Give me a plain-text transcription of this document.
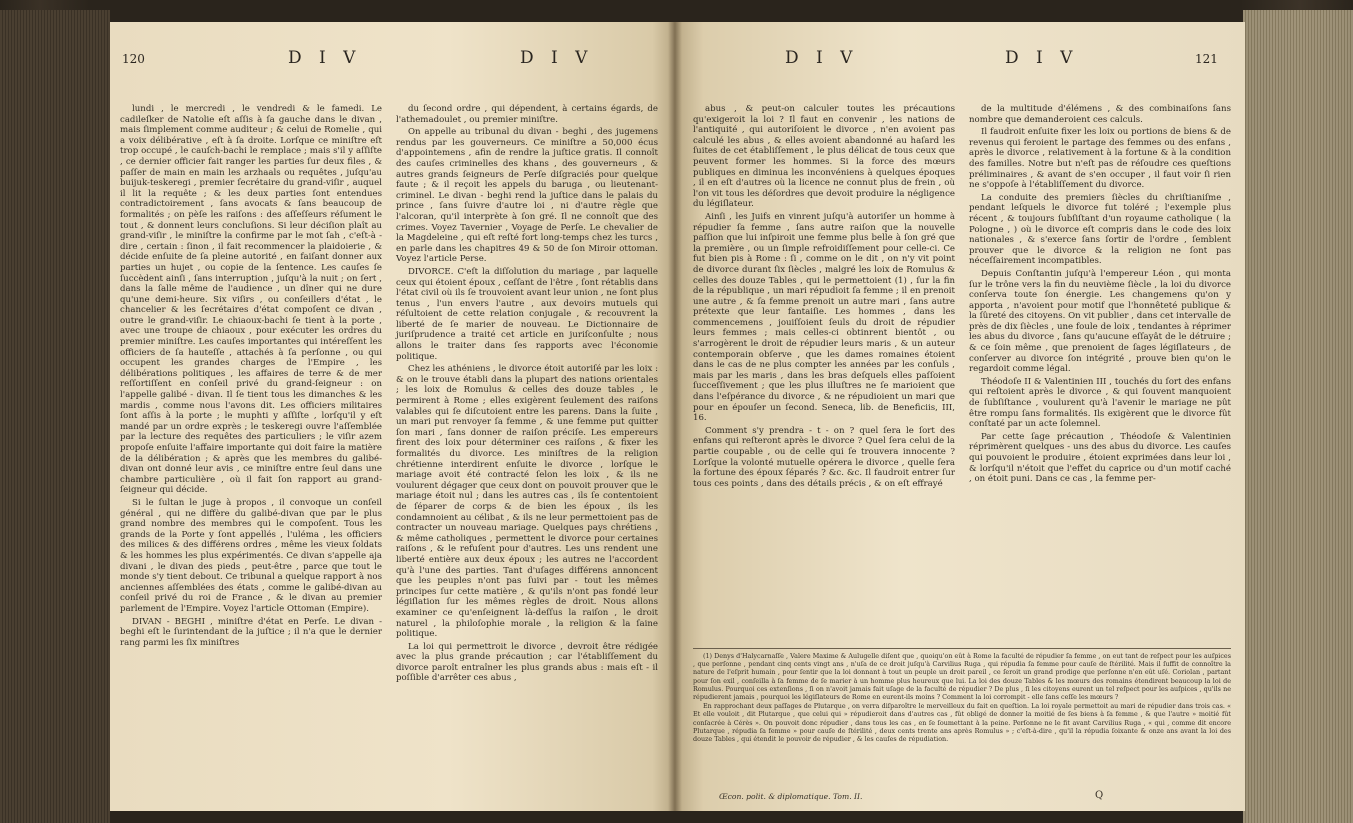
120	D I V	D I V

lundi , le mercredi , le vendredi & le famedi. Le cadileſker de Natolie eſt aſſis à ſa gauche dans le divan , mais ſimplement comme auditeur ; & celui de Romelie , qui a voix délibérative , eſt à ſa droite. Lorſque ce miniſtre eſt trop occupé , le cauſch-bachi le remplace ; mais s'il y aſſiſte , ce dernier officier fait ranger les parties ſur deux files , & paſſer de main en main les arzhaals ou requêtes , juſqu'au buijuk-teskeregi , premier ſecrétaire du grand-viſir , auquel il lit la requête ; & les deux parties ſont entendues contradictoirement , ſans avocats & ſans beaucoup de formalités ; on pèſe les raiſons : des aſſeſſeurs réſument le tout , & donnent leurs concluſions. Si leur déciſion plaît au grand-viſir , le miniſtre la confirme par le mot ſah , c'eſt-à - dire , certain : ſinon , il fait recommencer la plaidoierie , & décide enſuite de ſa pleine autorité , en faiſant donner aux parties un hujet , ou copie de la ſentence. Les cauſes ſe ſuccèdent ainſi , ſans interruption , juſqu'à la nuit ; on ſert , dans la ſalle même de l'audience , un dîner qui ne dure qu'une demi-heure. Six viſirs , ou conſeillers d'état , le chancelier & les ſecrétaires d'état compoſent ce divan , outre le grand-viſir. Le chiaoux-bachi ſe tient à la porte , avec une troupe de chiaoux , pour exécuter les ordres du premier miniſtre. Les cauſes importantes qui intéreſſent les officiers de ſa hauteſſe , attachés à ſa perſonne , ou qui occupent les grandes charges de l'Empire , les délibérations politiques , les affaires de terre & de mer reſſortiſſent en conſeil privé du grand-ſeigneur : on l'appelle galibé - divan. Il ſe tient tous les dimanches & les mardis , comme nous l'avons dit. Les officiers militaires ſont aſſis à la porte ; le muphti y aſſiſte , lorſqu'il y eſt mandé par un ordre exprès ; le teskeregi ouvre l'aſſemblée par la lecture des requêtes des particuliers ; le viſir azem propoſe enſuite l'affaire importante qui doit faire la matière de la délibération ; & après que les membres du galibé-divan ont donné leur avis , ce miniſtre entre ſeul dans une chambre particulière , où il fait ſon rapport au grand-ſeigneur qui décide.

Si le ſultan le juge à propos , il convoque un conſeil général , qui ne diffère du galibé-divan que par le plus grand nombre des membres qui le compoſent. Tous les grands de la Porte y ſont appellés , l'uléma , les officiers des milices & des différens ordres , même les vieux ſoldats & les hommes les plus expérimentés. Ce divan s'appelle aja divani , le divan des pieds , peut-être , parce que tout le monde s'y tient debout. Ce tribunal a quelque rapport à nos anciennes aſſemblées des états , comme le galibé-divan au conſeil privé du roi de France , & le divan au premier parlement de l'Empire. Voyez l'article Ottoman (Empire).

DIVAN - BEGHI , miniſtre d'état en Perſe. Le divan - beghi eſt le ſurintendant de la juſtice ; il n'a que le dernier rang parmi les ſix miniſtres

du ſecond ordre , qui dépendent, à certains égards, de l'athemadoulet , ou premier miniſtre.

On appelle au tribunal du divan - beghi , des jugemens rendus par les gouverneurs. Ce miniſtre a 50,000 écus d'appointemens , afin de rendre la juſtice gratis. Il connoît des cauſes criminelles des khans , des gouverneurs , & autres grands ſeigneurs de Perſe diſgraciés pour quelque faute ; & il reçoit les appels du baruga , ou lieutenant-criminel. Le divan - beghi rend la juſtice dans le palais du prince , ſans ſuivre d'autre loi , ni d'autre règle que l'alcoran, qu'il interprète à ſon gré. Il ne connoît que des crimes. Voyez Tavernier , Voyage de Perſe. Le chevalier de la Magdeleine , qui eſt reſté fort long-temps chez les turcs , en parle dans les chapitres 49 & 50 de ſon Miroir ottoman. Voyez l'article Perse.

DIVORCE. C'eſt la diſſolution du mariage , par laquelle ceux qui étoient époux , ceſſant de l'être , ſont rétablis dans l'état civil où ils ſe trouvoient avant leur union , ne ſont plus tenus , l'un envers l'autre , aux devoirs mutuels qui réſultoient de cette relation conjugale , & recouvrent la liberté de ſe marier de nouveau. Le Dictionnaire de juriſprudence a traité cet article en juriſconſulte ; nous allons le traiter dans ſes rapports avec l'économie politique.

Chez les athéniens , le divorce étoit autoriſé par les loix : & on le trouve établi dans la plupart des nations orientales ; les loix de Romulus & celles des douze tables , le permirent à Rome ; elles exigèrent ſeulement des raiſons valables qui ſe diſcutoient entre les parens. Dans la ſuite , un mari put renvoyer ſa femme , & une femme put quitter ſon mari , ſans donner de raiſon préciſe. Les empereurs firent des loix pour déterminer ces raiſons , & fixer les formalités du divorce. Les miniſtres de la religion chrétienne interdirent enſuite le divorce , lorſque le mariage avoit été contracté ſelon les loix , & ils ne voulurent dégager que ceux dont on pouvoit prouver que le mariage étoit nul ; dans les autres cas , ils ſe contentoient de ſéparer de corps & de bien les époux , ils les condamnoient au célibat , & ils ne leur permettoient pas de contracter un nouveau mariage. Quelques pays chrétiens , & même catholiques , permettent le divorce pour certaines raiſons , & le refuſent pour d'autres. Les uns rendent une liberté entière aux deux époux ; les autres ne l'accordent qu'à l'une des parties. Tant d'uſages différens annoncent que les peuples n'ont pas ſuivi par - tout les mêmes principes ſur cette matière , & qu'ils n'ont pas fondé leur légiſlation ſur les mêmes règles de droit. Nous allons examiner ce qu'enſeignent là-deſſus la raiſon , le droit naturel , la philoſophie morale , la religion & la ſaine politique.

La loi qui permettroit le divorce , devroit être rédigée avec la plus grande précaution ; car l'établiſſement du divorce paroît entraîner les plus grands abus : mais eſt - il poſſible d'arrêter ces abus ,

D I V	D I V	121

abus , & peut-on calculer toutes les précautions qu'exigeroit la loi ? Il faut en convenir , les nations de l'antiquité , qui autoriſoient le divorce , n'en avoient pas calculé les abus , & elles avoient abandonné au haſard les ſuites de cet établiſſement , le plus délicat de tous ceux que peuvent former les hommes. Si la force des mœurs publiques en diminua les inconvéniens à quelques époques , il en eſt d'autres où la licence ne connut plus de frein , où l'on vit tous les déſordres que devoit produire la négligence du légiſlateur.

Ainſi , les Juifs en vinrent juſqu'à autoriſer un homme à répudier ſa femme , ſans autre raiſon que la nouvelle paſſion que lui inſpiroit une femme plus belle à ſon gré que la première , ou un ſimple refroidiſſement pour celle-ci. Ce fut bien pis à Rome : ſi , comme on le dit , on n'y vit point de divorce durant ſix ſiècles , malgré les loix de Romulus & celles des douze Tables , qui le permettoient (1) , ſur la fin de la république , un mari répudioit ſa femme ; il en prenoit une autre , & ſa femme prenoit un autre mari , ſans autre prétexte que leur fantaiſie. Les hommes , dans les commencemens , jouiſſoient ſeuls du droit de répudier leurs femmes ; mais celles-ci obtinrent bientôt , ou s'arrogèrent le droit de répudier leurs maris , & un auteur contemporain obſerve , que les dames romaines étoient dans le cas de ne plus compter les années par les conſuls , mais par les maris , dans les bras deſquels elles paſſoient ſucceſſivement ; que les plus illuſtres ne ſe marioient que dans l'eſpérance du divorce , & ne répudioient un mari que pour en épouſer un ſecond. Seneca, lib. de Beneficiis, III, 16.

Comment s'y prendra - t - on ? quel ſera le ſort des enfans qui reſteront après le divorce ? Quel ſera celui de la partie coupable , ou de celle qui ſe trouvera innocente ? Lorſque la volonté mutuelle opérera le divorce , quelle ſera la fortune des époux ſéparés ? &c. &c. Il faudroit entrer ſur tous ces points , dans des détails précis , & on eſt effrayé

de la multitude d'élémens , & des combinaiſons ſans nombre que demanderoient ces calculs.

Il faudroit enſuite fixer les loix ou portions de biens & de revenus qui feroient le partage des femmes ou des enfans , après le divorce , relativement à la fortune & à la condition des familles. Notre but n'eſt pas de réſoudre ces queſtions préliminaires , & avant de s'en occuper , il faut voir ſi rien ne s'oppoſe à l'établiſſement du divorce.

La conduite des premiers ſiècles du chriſtianiſme , pendant leſquels le divorce fut toléré ; l'exemple plus récent , & toujours ſubſiſtant d'un royaume catholique ( la Pologne , ) où le divorce eſt compris dans le code des loix nationales , & s'exerce ſans ſortir de l'ordre , ſemblent prouver que le divorce & la religion ne ſont pas néceſſairement incompatibles.

Depuis Conſtantin juſqu'à l'empereur Léon , qui monta ſur le trône vers la fin du neuvième ſiècle , la loi du divorce conſerva toute ſon énergie. Les changemens qu'on y apporta , n'avoient pour motif que l'honnêteté publique & la ſûreté des citoyens. On vit publier , dans cet intervalle de près de dix ſiècles , une foule de loix , tendantes à réprimer les abus du divorce , ſans qu'aucune eſſayât de le détruire ; & ce ſoin même , que prenoient de ſages légiſlateurs , de conſerver au divorce ſon intégrité , prouve bien qu'on le regardoit comme légal.

Théodoſe II & Valentinien III , touchés du ſort des enfans qui reſtoient après le divorce , & qui ſouvent manquoient de ſubſiſtance , voulurent qu'à l'avenir le mariage ne pût être rompu ſans formalités. Ils exigèrent que le divorce fût conſtaté par un acte ſolemnel.

Par cette ſage précaution , Théodoſe & Valentinien réprimèrent quelques - uns des abus du divorce. Les cauſes qui pouvoient le produire , étoient exprimées dans leur loi , & lorſqu'il n'étoit que l'effet du caprice ou d'un motif caché , on étoit puni. Dans ce cas , la femme per-

(1) Denys d'Halycarnaſſe , Valere Maxime & Aulugelle diſent que , quoiqu'on eût à Rome la faculté de répudier ſa femme , on eut tant de reſpect pour les auſpices , que perſonne , pendant cinq cents vingt ans , n'uſa de ce droit juſqu'à Carvilius Ruga , qui répudia ſa femme pour cauſe de ſtérilité. Mais il ſuffit de connoître la nature de l'eſprit humain , pour ſentir que la loi donnant à tout un peuple un droit pareil , ce ſeroit un grand prodige que perſonne n'en eût uſé. Coriolan , partant pour ſon exil , conſeilla à ſa femme de ſe marier à un homme plus heureux que lui. La loi des douze Tables & les mœurs des romains étendirent beaucoup la loi de Romulus. Pourquoi ces extenſions , ſi on n'avoit jamais fait uſage de la faculté de répudier ? De plus , ſi les citoyens eurent un tel reſpect pour les auſpices , qu'ils ne répudierent jamais , pourquoi les légiſlateurs de Rome en eurent-ils moins ? Comment la loi corrompit - elle ſans ceſſe les mœurs ?

En rapprochant deux paſſages de Plutarque , on verra diſparoître le merveilleux du fait en queſtion. La loi royale permettoit au mari de répudier dans trois cas. « Et elle vouloit , dit Plutarque , que celui qui » répudieroit dans d'autres cas , fût obligé de donner la moitié de ſes biens à ſa femme , & que l'autre » moitié fût conſacrée à Cérès ». On pouvoit donc répudier , dans tous les cas , en ſe ſoumettant à la peine. Perſonne ne le fit avant Carvilius Ruga , « qui , comme dit encore Plutarque , répudia ſa femme » pour cauſe de ſtérilité , deux cents trente ans après Romulus » ; c'eſt-à-dire , qu'il la répudia ſoixante & onze ans avant la loi des douze Tables , qui étendit le pouvoir de répudier , & les cauſes de répudiation.

Œcon. polit. & diplomatique. Tom. II.	Q
